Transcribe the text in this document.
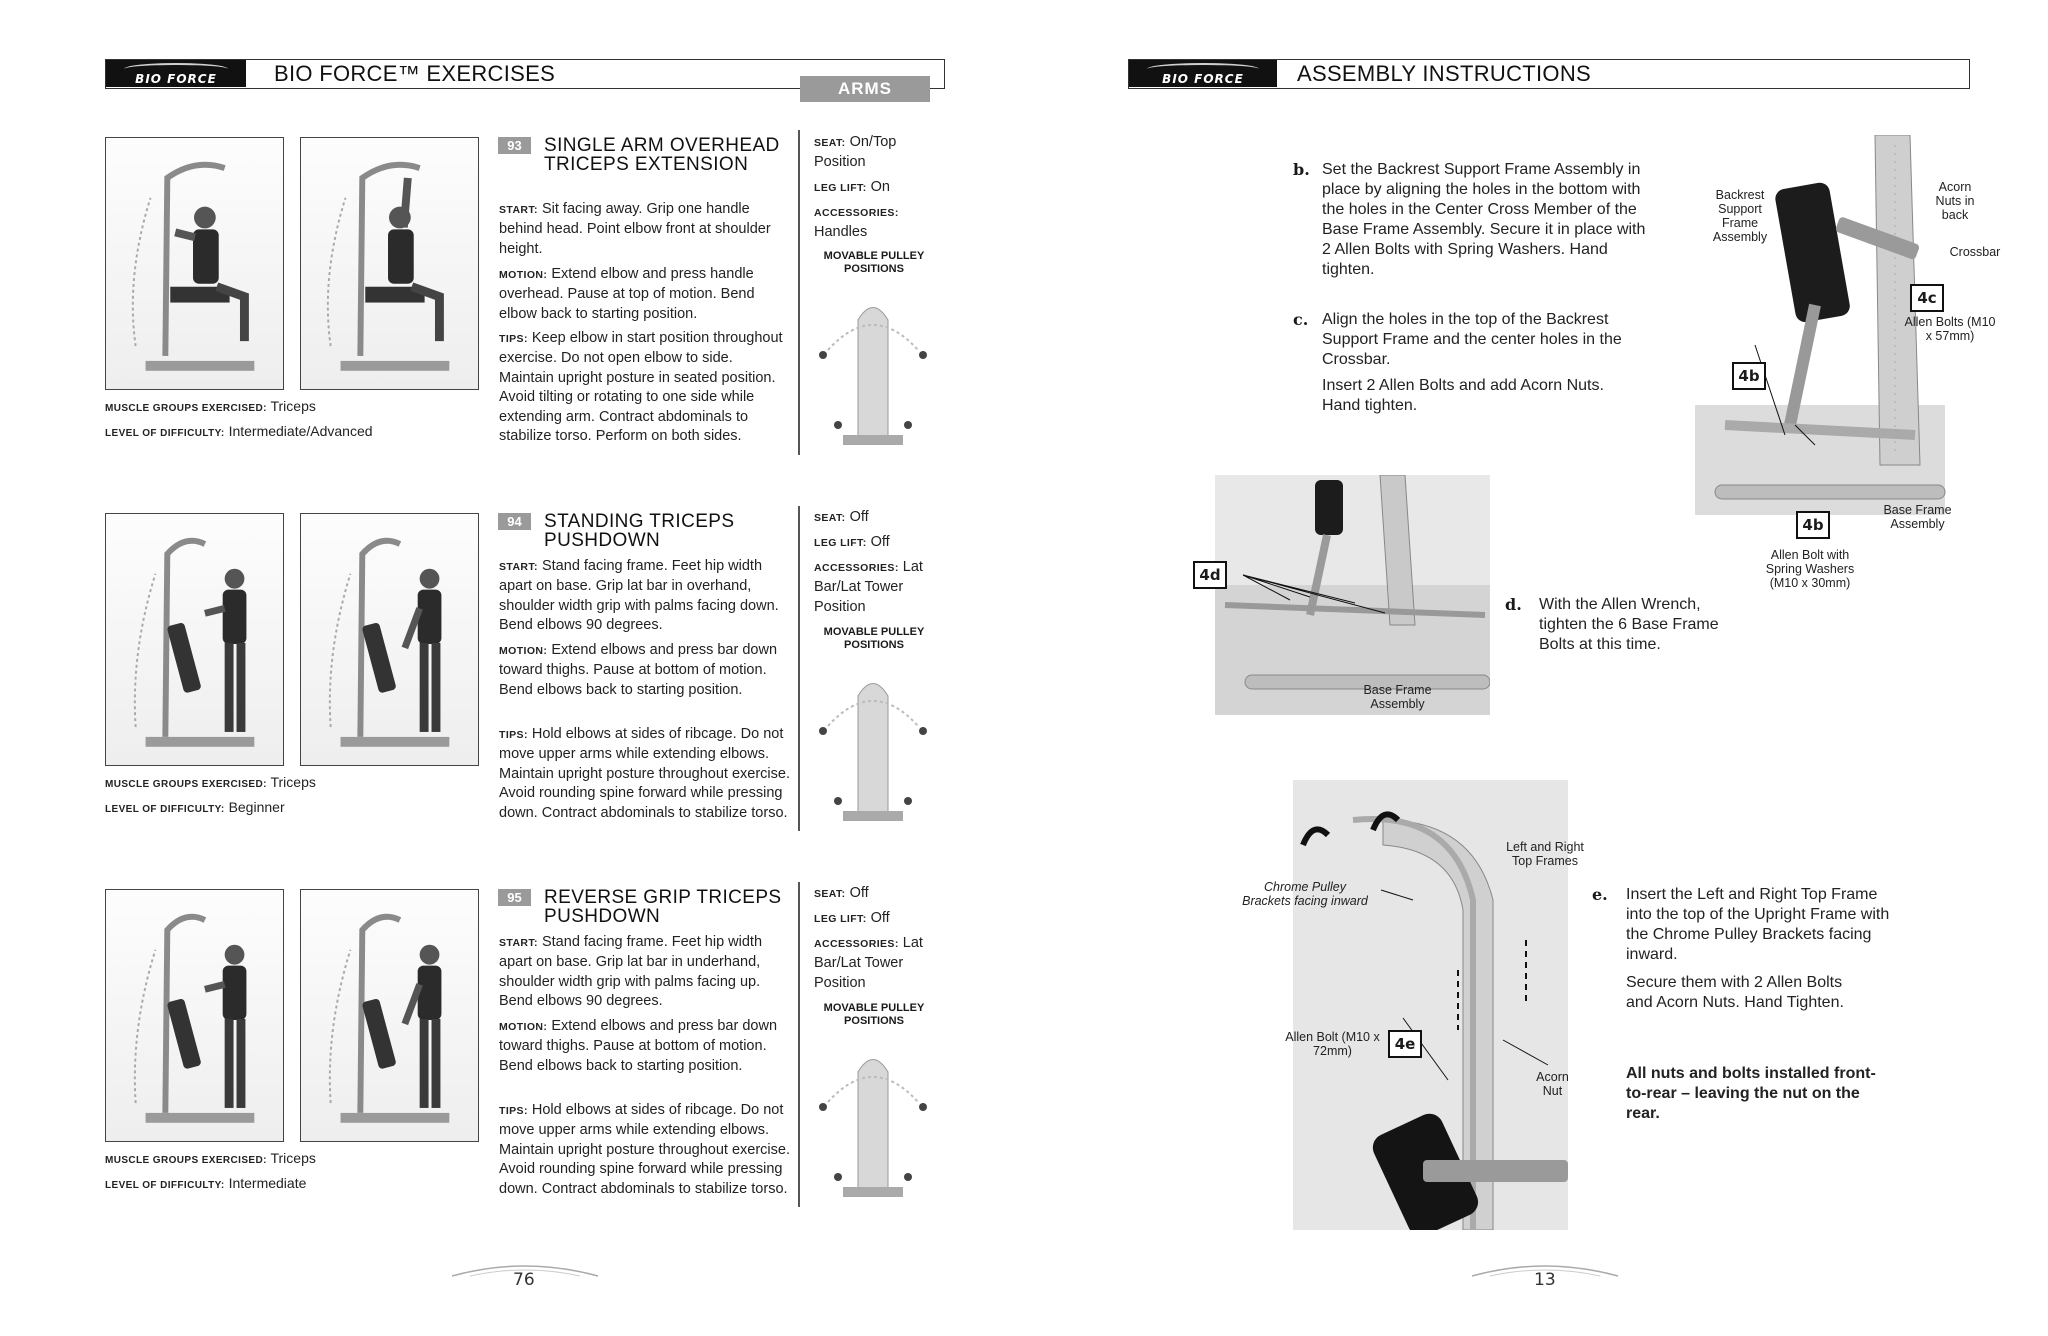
BIO FORCE	BIO FORCE™ EXERCISES
ARMS
MUSCLE GROUPS EXERCISED: Triceps
LEVEL OF DIFFICULTY: Intermediate/Advanced
93	SINGLE ARM OVERHEAD TRICEPS EXTENSION
START: Sit facing away. Grip one handle behind head. Point elbow front at shoulder height.
MOTION: Extend elbow and press handle overhead. Pause at top of motion. Bend elbow back to starting position.
TIPS: Keep elbow in start position throughout exercise. Do not open elbow to side. Maintain upright posture in seated position. Avoid tilting or rotating to one side while extending arm. Contract abdominals to stabilize torso. Perform on both sides.
SEAT: On/Top Position
LEG LIFT: On
ACCESSORIES:
Handles
MOVABLE PULLEY POSITIONS
MUSCLE GROUPS EXERCISED: Triceps
LEVEL OF DIFFICULTY: Beginner
94	STANDING TRICEPS PUSHDOWN
START: Stand facing frame. Feet hip width apart on base. Grip lat bar in overhand, shoulder width grip with palms facing down. Bend elbows 90 degrees.
MOTION: Extend elbows and press bar down toward thighs. Pause at bottom of motion. Bend elbows back to starting position.
TIPS: Hold elbows at sides of ribcage. Do not move upper arms while extending elbows. Maintain upright posture throughout exercise. Avoid rounding spine forward while pressing down. Contract abdominals to stabilize torso.
SEAT: Off
LEG LIFT: Off
ACCESSORIES: Lat Bar/Lat Tower Position
MOVABLE PULLEY POSITIONS
MUSCLE GROUPS EXERCISED: Triceps
LEVEL OF DIFFICULTY: Intermediate
95	REVERSE GRIP TRICEPS PUSHDOWN
START: Stand facing frame. Feet hip width apart on base. Grip lat bar in underhand, shoulder width grip with palms facing up. Bend elbows 90 degrees.
MOTION: Extend elbows and press bar down toward thighs. Pause at bottom of motion. Bend elbows back to starting position.
TIPS: Hold elbows at sides of ribcage. Do not move upper arms while extending elbows. Maintain upright posture throughout exercise. Avoid rounding spine forward while pressing down. Contract abdominals to stabilize torso.
SEAT: Off
LEG LIFT: Off
ACCESSORIES: Lat Bar/Lat Tower Position
MOVABLE PULLEY POSITIONS
76
BIO FORCE ASSEMBLY INSTRUCTIONS
b. Set the Backrest Support Frame Assembly in place by aligning the holes in the bottom with the holes in the Center Cross Member of the Base Frame Assembly. Secure it in place with 2 Allen Bolts with Spring Washers. Hand tighten.
c. Align the holes in the top of the Backrest Support Frame and the center holes in the Crossbar.
Insert 2 Allen Bolts and add Acorn Nuts. Hand tighten.
Backrest Support Frame Assembly
Acorn Nuts in back
Crossbar
Allen Bolts (M10 x 57mm)
Base Frame Assembly
Allen Bolt with Spring Washers (M10 x 30mm)
4b
4b
4c
4d
Base Frame Assembly
d. With the Allen Wrench, tighten the 6 Base Frame Bolts at this time.
Left and Right Top Frames
Chrome Pulley Brackets facing inward
Allen Bolt (M10 x 72mm)	4e
Acorn Nut
e. Insert the Left and Right Top Frame into the top of the Upright Frame with the Chrome Pulley Brackets facing inward.
Secure them with 2 Allen Bolts and Acorn Nuts. Hand Tighten.
All nuts and bolts installed front-to-rear – leaving the nut on the rear.
13
